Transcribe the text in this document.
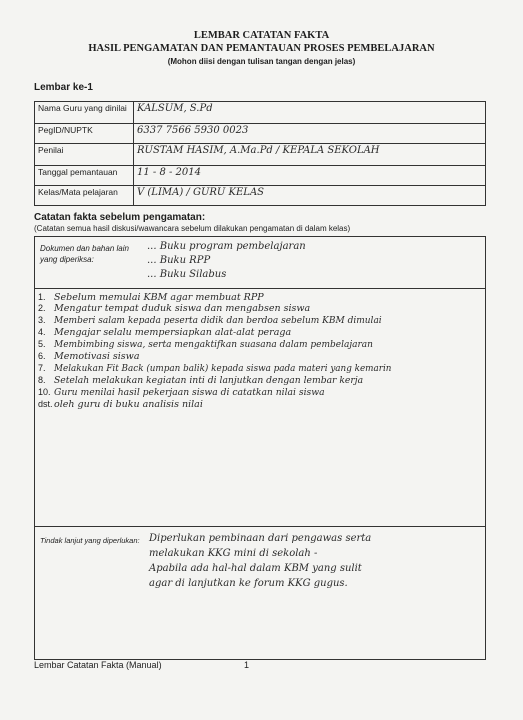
LEMBAR CATATAN FAKTA
HASIL PENGAMATAN DAN PEMANTAUAN PROSES PEMBELAJARAN
(Mohon diisi dengan tulisan tangan dengan jelas)
Lembar ke-1
Nama Guru yang dinilai	KALSUM, S.Pd
PegID/NUPTK	6337 7566 5930 0023
Penilai	RUSTAM HASIM, A.Ma.Pd / KEPALA SEKOLAH
Tanggal pemantauan	11 - 8 - 2014
Kelas/Mata pelajaran	V (LIMA) / GURU KELAS
Catatan fakta sebelum pengamatan:
(Catatan semua hasil diskusi/wawancara sebelum dilakukan pengamatan di dalam kelas)
Dokumen dan bahan lain yang diperiksa:
... Buku program pembelajaran
... Buku RPP
... Buku Silabus
1. Sebelum memulai KBM agar membuat RPP
2. Mengatur tempat duduk siswa dan mengabsen siswa
3. Memberi salam kepada peserta didik dan berdoa sebelum KBM dimulai
4. Mengajar selalu mempersiapkan alat-alat peraga
5. Membimbing siswa, serta mengaktifkan suasana dalam pembelajaran
6. Memotivasi siswa
7. Melakukan Fit Back (umpan balik) kepada siswa pada materi yang kemarin
8. Setelah melakukan kegiatan inti di lanjutkan dengan lembar kerja
10. Guru menilai hasil pekerjaan siswa di catatkan nilai siswa
dst.oleh guru di buku analisis nilai
Tindak lanjut yang diperlukan: Diperlukan pembinaan dari pengawas serta
melakukan KKG mini di sekolah -
Apabila ada hal-hal dalam KBM yang sulit
agar di lanjutkan ke forum KKG gugus.
Lembar Catatan Fakta (Manual)	1
